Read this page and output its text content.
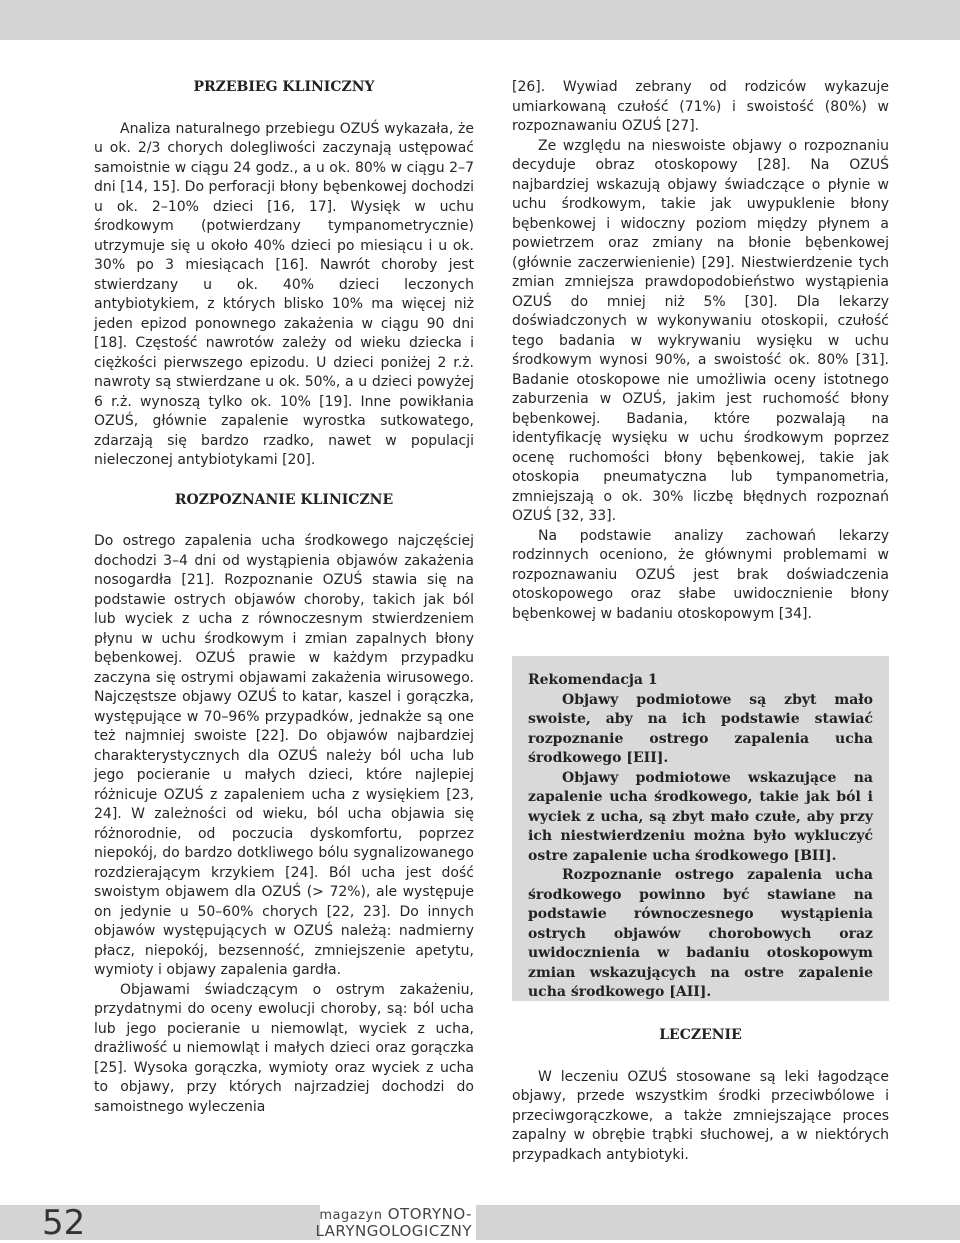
PRZEBIEG KLINICZNY

Analiza naturalnego przebiegu OZUŚ wykazała, że u ok. 2/3 chorych dolegliwości zaczynają ustępować samoistnie w ciągu 24 godz., a u ok. 80% w ciągu 2–7 dni [14, 15]. Do perforacji błony bębenkowej dochodzi u ok. 2–10% dzieci [16, 17]. Wysięk w uchu środkowym (potwierdzany tympanometrycznie) utrzymuje się u około 40% dzieci po miesiącu i u ok. 30% po 3 miesiącach [16]. Nawrót choroby jest stwierdzany u ok. 40% dzieci leczonych antybiotykiem, z których blisko 10% ma więcej niż jeden epizod ponownego zakażenia w ciągu 90 dni [18]. Częstość nawrotów zależy od wieku dziecka i ciężkości pierwszego epizodu. U dzieci poniżej 2 r.ż. nawroty są stwierdzane u ok. 50%, a u dzieci powyżej 6 r.ż. wynoszą tylko ok. 10% [19]. Inne powikłania OZUŚ, głównie zapalenie wyrostka sutkowatego, zdarzają się bardzo rzadko, nawet w populacji nieleczonej antybiotykami [20].

ROZPOZNANIE KLINICZNE

Do ostrego zapalenia ucha środkowego najczęściej dochodzi 3–4 dni od wystąpienia objawów zakażenia nosogardła [21]. Rozpoznanie OZUŚ stawia się na podstawie ostrych objawów choroby, takich jak ból lub wyciek z ucha z równoczesnym stwierdzeniem płynu w uchu środkowym i zmian zapalnych błony bębenkowej. OZUŚ prawie w każdym przypadku zaczyna się ostrymi objawami zakażenia wirusowego. Najczęstsze objawy OZUŚ to katar, kaszel i gorączka, występujące w 70–96% przypadków, jednakże są one też najmniej swoiste [22]. Do objawów najbardziej charakterystycznych dla OZUŚ należy ból ucha lub jego pocieranie u małych dzieci, które najlepiej różnicuje OZUŚ z zapaleniem ucha z wysiękiem [23, 24]. W zależności od wieku, ból ucha objawia się różnorodnie, od poczucia dyskomfortu, poprzez niepokój, do bardzo dotkliwego bólu sygnalizowanego rozdzierającym krzykiem [24]. Ból ucha jest dość swoistym objawem dla OZUŚ (> 72%), ale występuje on jedynie u 50–60% chorych [22, 23]. Do innych objawów występujących w OZUŚ należą: nadmierny płacz, niepokój, bezsenność, zmniejszenie apetytu, wymioty i objawy zapalenia gardła.

Objawami świadczącym o ostrym zakażeniu, przydatnymi do oceny ewolucji choroby, są: ból ucha lub jego pocieranie u niemowląt, wyciek z ucha, drażliwość u niemowląt i małych dzieci oraz gorączka [25]. Wysoka gorączka, wymioty oraz wyciek z ucha to objawy, przy których najrzadziej dochodzi do samoistnego wyleczenia

[26]. Wywiad zebrany od rodziców wykazuje umiarkowaną czułość (71%) i swoistość (80%) w rozpoznawaniu OZUŚ [27].

Ze względu na nieswoiste objawy o rozpoznaniu decyduje obraz otoskopowy [28]. Na OZUŚ najbardziej wskazują objawy świadczące o płynie w uchu środkowym, takie jak uwypuklenie błony bębenkowej i widoczny poziom między płynem a powietrzem oraz zmiany na błonie bębenkowej (głównie zaczerwienienie) [29]. Niestwierdzenie tych zmian zmniejsza prawdopodobieństwo wystąpienia OZUŚ do mniej niż 5% [30]. Dla lekarzy doświadczonych w wykonywaniu otoskopii, czułość tego badania w wykrywaniu wysięku w uchu środkowym wynosi 90%, a swoistość ok. 80% [31]. Badanie otoskopowe nie umożliwia oceny istotnego zaburzenia w OZUŚ, jakim jest ruchomość błony bębenkowej. Badania, które pozwalają na identyfikację wysięku w uchu środkowym poprzez ocenę ruchomości błony bębenkowej, takie jak otoskopia pneumatyczna lub tympanometria, zmniejszają o ok. 30% liczbę błędnych rozpoznań OZUŚ [32, 33].

Na podstawie analizy zachowań lekarzy rodzinnych oceniono, że głównymi problemami w rozpoznawaniu OZUŚ jest brak doświadczenia otoskopowego oraz słabe uwidocznienie błony bębenkowej w badaniu otoskopowym [34].

Rekomendacja 1

Objawy podmiotowe są zbyt mało swoiste, aby na ich podstawie stawiać rozpoznanie ostrego zapalenia ucha środkowego [EII].

Objawy podmiotowe wskazujące na zapalenie ucha środkowego, takie jak ból i wyciek z ucha, są zbyt mało czułe, aby przy ich niestwierdzeniu można było wykluczyć ostre zapalenie ucha środkowego [BII].

Rozpoznanie ostrego zapalenia ucha środkowego powinno być stawiane na podstawie równoczesnego wystąpienia ostrych objawów chorobowych oraz uwidocznienia w badaniu otoskopowym zmian wskazujących na ostre zapalenie ucha środkowego [AII].

LECZENIE

W leczeniu OZUŚ stosowane są leki łagodzące objawy, przede wszystkim środki przeciwbólowe i przeciwgorączkowe, a także zmniejszające proces zapalny w obrębie trąbki słuchowej, a w niektórych przypadkach antybiotyki.

52	magazyn OTORYNO-
LARYNGOLOGICZNY
